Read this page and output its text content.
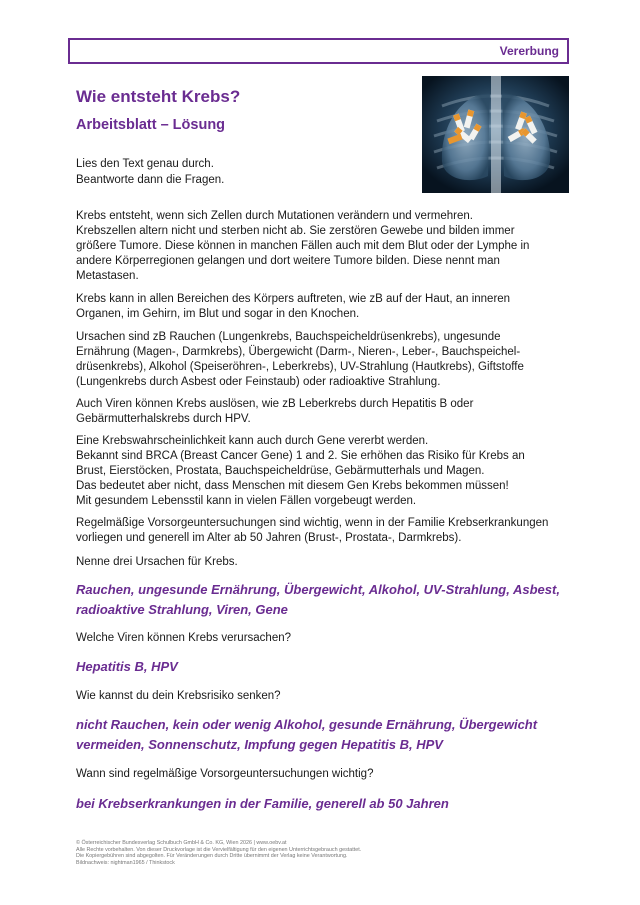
Vererbung
Wie entsteht Krebs?
Arbeitsblatt – Lösung
Lies den Text genau durch.
Beantworte dann die Fragen.
Krebs entsteht, wenn sich Zellen durch Mutationen verändern und vermehren.
Krebszellen altern nicht und sterben nicht ab. Sie zerstören Gewebe und bilden immer
größere Tumore. Diese können in manchen Fällen auch mit dem Blut oder der Lymphe in
andere Körperregionen gelangen und dort weitere Tumore bilden. Diese nennt man
Metastasen.
Krebs kann in allen Bereichen des Körpers auftreten, wie zB auf der Haut, an inneren
Organen, im Gehirn, im Blut und sogar in den Knochen.
Ursachen sind zB Rauchen (Lungenkrebs, Bauchspeicheldrüsenkrebs), ungesunde
Ernährung (Magen-, Darmkrebs), Übergewicht (Darm-, Nieren-, Leber-, Bauchspeichel-
drüsenkrebs), Alkohol (Speiseröhren-, Leberkrebs), UV-Strahlung (Hautkrebs), Giftstoffe
(Lungenkrebs durch Asbest oder Feinstaub) oder radioaktive Strahlung.
Auch Viren können Krebs auslösen, wie zB Leberkrebs durch Hepatitis B oder
Gebärmutterhalskrebs durch HPV.
Eine Krebswahrscheinlichkeit kann auch durch Gene vererbt werden.
Bekannt sind BRCA (Breast Cancer Gene) 1 and 2. Sie erhöhen das Risiko für Krebs an
Brust, Eierstöcken, Prostata, Bauchspeicheldrüse, Gebärmutterhals und Magen.
Das bedeutet aber nicht, dass Menschen mit diesem Gen Krebs bekommen müssen!
Mit gesundem Lebensstil kann in vielen Fällen vorgebeugt werden.
Regelmäßige Vorsorgeuntersuchungen sind wichtig, wenn in der Familie Krebserkrankungen
vorliegen und generell im Alter ab 50 Jahren (Brust-, Prostata-, Darmkrebs).
Nenne drei Ursachen für Krebs.
Rauchen, ungesunde Ernährung, Übergewicht, Alkohol, UV-Strahlung, Asbest,
radioaktive Strahlung, Viren, Gene
Welche Viren können Krebs verursachen?
Hepatitis B, HPV
Wie kannst du dein Krebsrisiko senken?
nicht Rauchen, kein oder wenig Alkohol, gesunde Ernährung, Übergewicht
vermeiden, Sonnenschutz, Impfung gegen Hepatitis B, HPV
Wann sind regelmäßige Vorsorgeuntersuchungen wichtig?
bei Krebserkrankungen in der Familie, generell ab 50 Jahren
© Österreichischer Bundesverlag Schulbuch GmbH & Co. KG, Wien 2026 | www.oebv.at
Alle Rechte vorbehalten. Von dieser Druckvorlage ist die Vervielfältigung für den eigenen Unterrichtsgebrauch gestattet.
Die Kopiergebühren sind abgegolten. Für Veränderungen durch Dritte übernimmt der Verlag keine Verantwortung.
Bildnachweis: nightman1965 / Thinkstock
